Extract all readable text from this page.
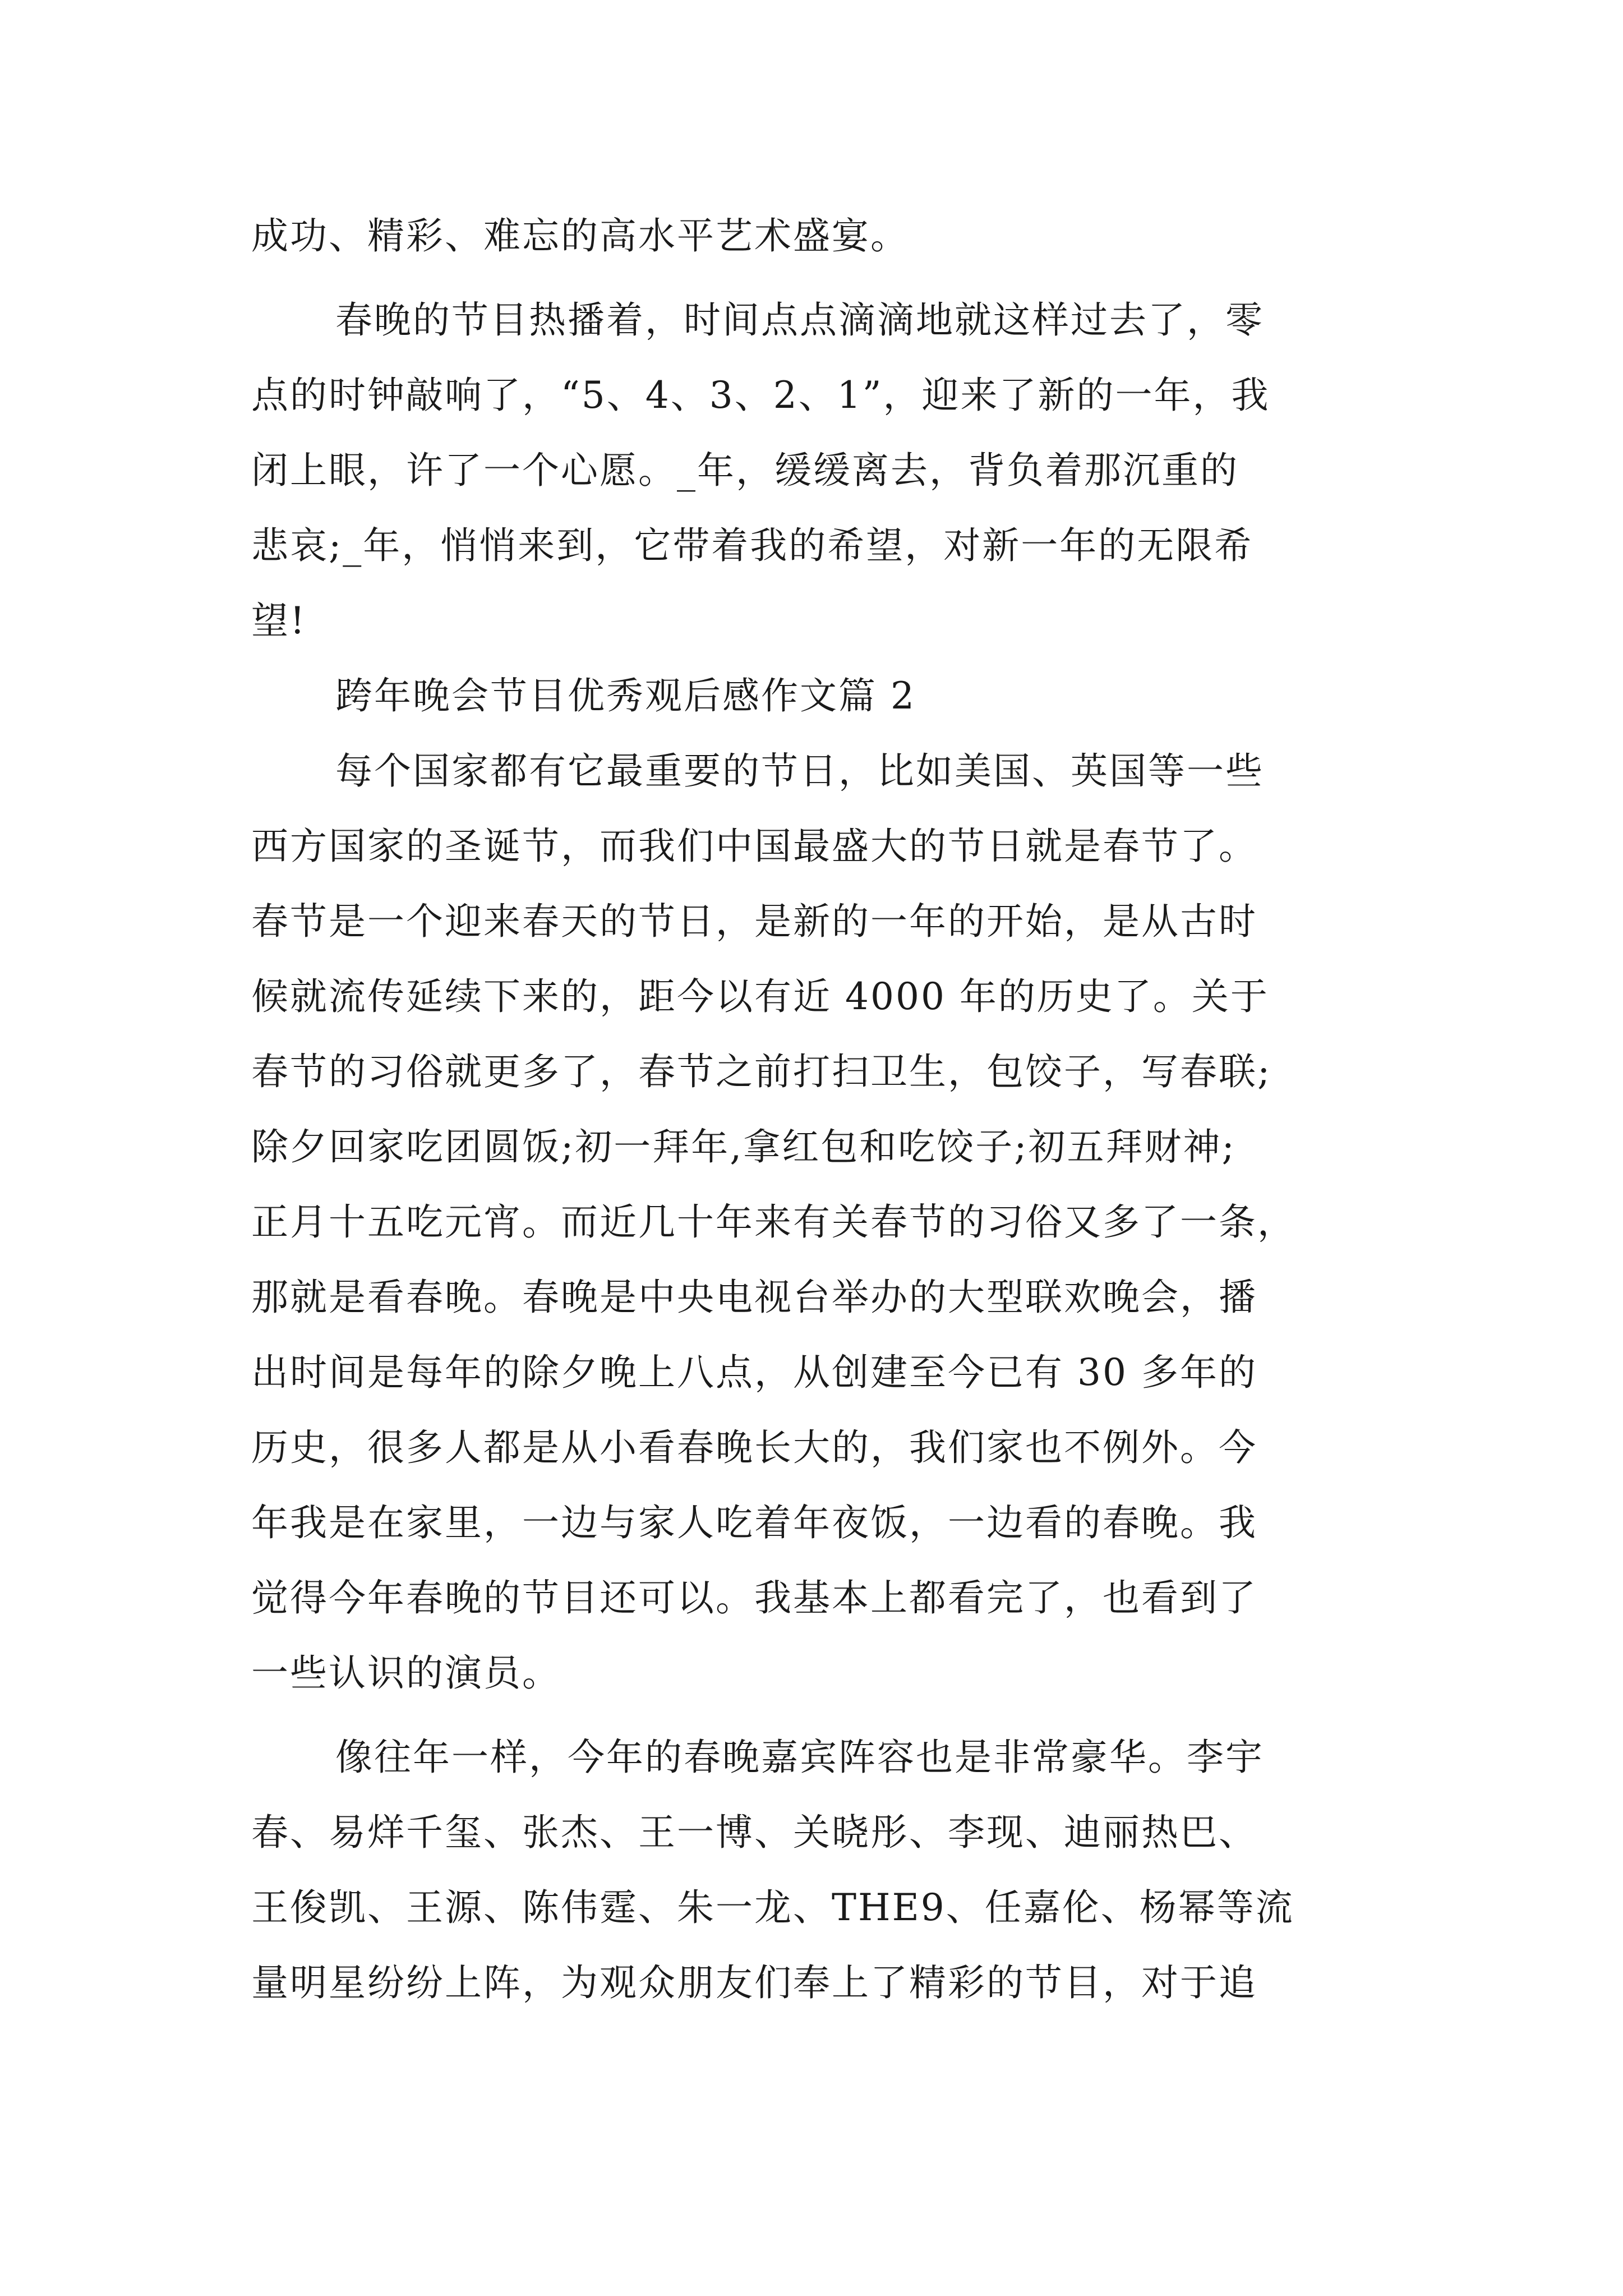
成功、精彩、难忘的高水平艺术盛宴。
春晚的节目热播着，时间点点滴滴地就这样过去了，零
点的时钟敲响了，“5、4、3、2、1”，迎来了新的一年，我
闭上眼，许了一个心愿。_年，缓缓离去，背负着那沉重的
悲哀;_年，悄悄来到，它带着我的希望，对新一年的无限希
望!
跨年晚会节目优秀观后感作文篇 2
每个国家都有它最重要的节日，比如美国、英国等一些
西方国家的圣诞节，而我们中国最盛大的节日就是春节了。
春节是一个迎来春天的节日，是新的一年的开始，是从古时
候就流传延续下来的，距今以有近 4000 年的历史了。关于
春节的习俗就更多了，春节之前打扫卫生，包饺子，写春联;
除夕回家吃团圆饭;初一拜年,拿红包和吃饺子;初五拜财神;
正月十五吃元宵。而近几十年来有关春节的习俗又多了一条，
那就是看春晚。春晚是中央电视台举办的大型联欢晚会，播
出时间是每年的除夕晚上八点，从创建至今已有 30 多年的
历史，很多人都是从小看春晚长大的，我们家也不例外。今
年我是在家里，一边与家人吃着年夜饭，一边看的春晚。我
觉得今年春晚的节目还可以。我基本上都看完了，也看到了
一些认识的演员。
像往年一样，今年的春晚嘉宾阵容也是非常豪华。李宇
春、易烊千玺、张杰、王一博、关晓彤、李现、迪丽热巴、
王俊凯、王源、陈伟霆、朱一龙、THE9、任嘉伦、杨幂等流
量明星纷纷上阵，为观众朋友们奉上了精彩的节目，对于追
